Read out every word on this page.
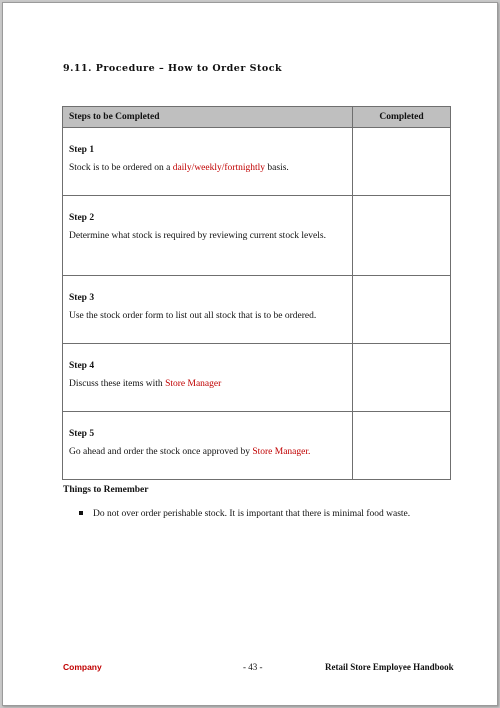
9.11. Procedure – How to Order Stock
Steps to be Completed	Completed

Step 1
Stock is to be ordered on a daily/weekly/fortnightly basis.	

Step 2
Determine what stock is required by reviewing current stock levels.	

Step 3
Use the stock order form to list out all stock that is to be ordered.	

Step 4
Discuss these items with Store Manager	

Step 5
Go ahead and order the stock once approved by Store Manager.	

Things to Remember
Do not over order perishable stock. It is important that there is minimal food waste.
Company	- 43 -	Retail Store Employee Handbook
